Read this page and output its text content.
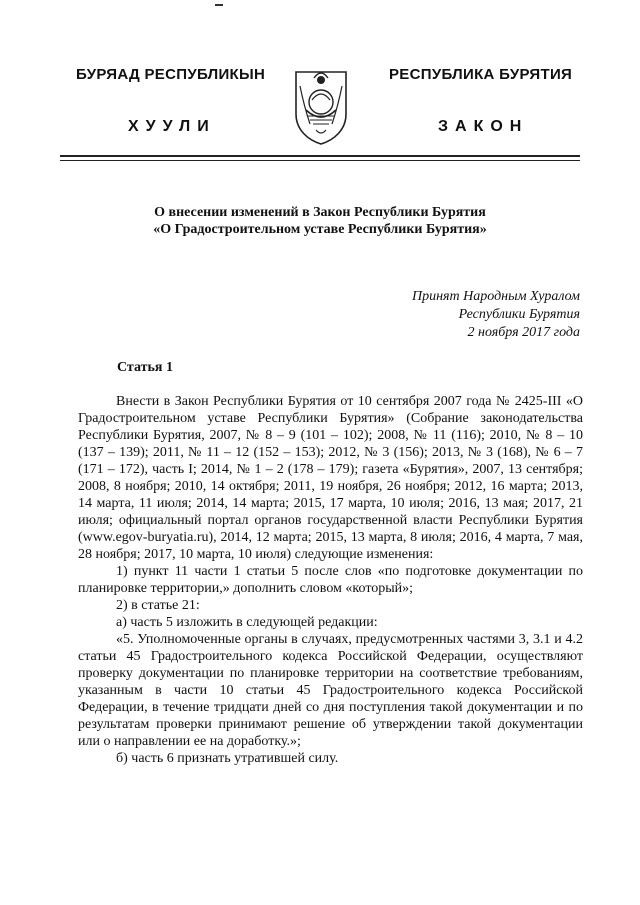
БУРЯАД РЕСПУБЛИКЫН
ХУУЛИ
РЕСПУБЛИКА БУРЯТИЯ
ЗАКОН
О внесении изменений в Закон Республики Бурятия
«О Градостроительном уставе Республики Бурятия»
Принят Народным Хуралом
Республики Бурятия
2 ноября 2017 года
Статья 1

Внести в Закон Республики Бурятия от 10 сентября 2007 года № 2425-III «О Градостроительном уставе Республики Бурятия» (Собрание законодательства Республики Бурятия, 2007, № 8 – 9 (101 – 102); 2008, № 11 (116); 2010, № 8 – 10 (137 – 139); 2011, № 11 – 12 (152 – 153); 2012, № 3 (156); 2013, № 3 (168), № 6 – 7 (171 – 172), часть I; 2014, № 1 – 2 (178 – 179); газета «Бурятия», 2007, 13 сентября; 2008, 8 ноября; 2010, 14 октября; 2011, 19 ноября, 26 ноября; 2012, 16 марта; 2013, 14 марта, 11 июля; 2014, 14 марта; 2015, 17 марта, 10 июля; 2016, 13 мая; 2017, 21 июля; официальный портал органов государственной власти Республики Бурятия (www.egov-buryatia.ru), 2014, 12 марта; 2015, 13 марта, 8 июля; 2016, 4 марта, 7 мая, 28 ноября; 2017, 10 марта, 10 июля) следующие изменения:

1) пункт 11 части 1 статьи 5 после слов «по подготовке документации по планировке территории,» дополнить словом «который»;

2) в статье 21:

а) часть 5 изложить в следующей редакции:

«5. Уполномоченные органы в случаях, предусмотренных частями 3, 3.1 и 4.2 статьи 45 Градостроительного кодекса Российской Федерации, осуществляют проверку документации по планировке территории на соответствие требованиям, указанным в части 10 статьи 45 Градостроительного кодекса Российской Федерации, в течение тридцати дней со дня поступления такой документации и по результатам проверки принимают решение об утверждении такой документации или о направлении ее на доработку.»;

б) часть 6 признать утратившей силу.
